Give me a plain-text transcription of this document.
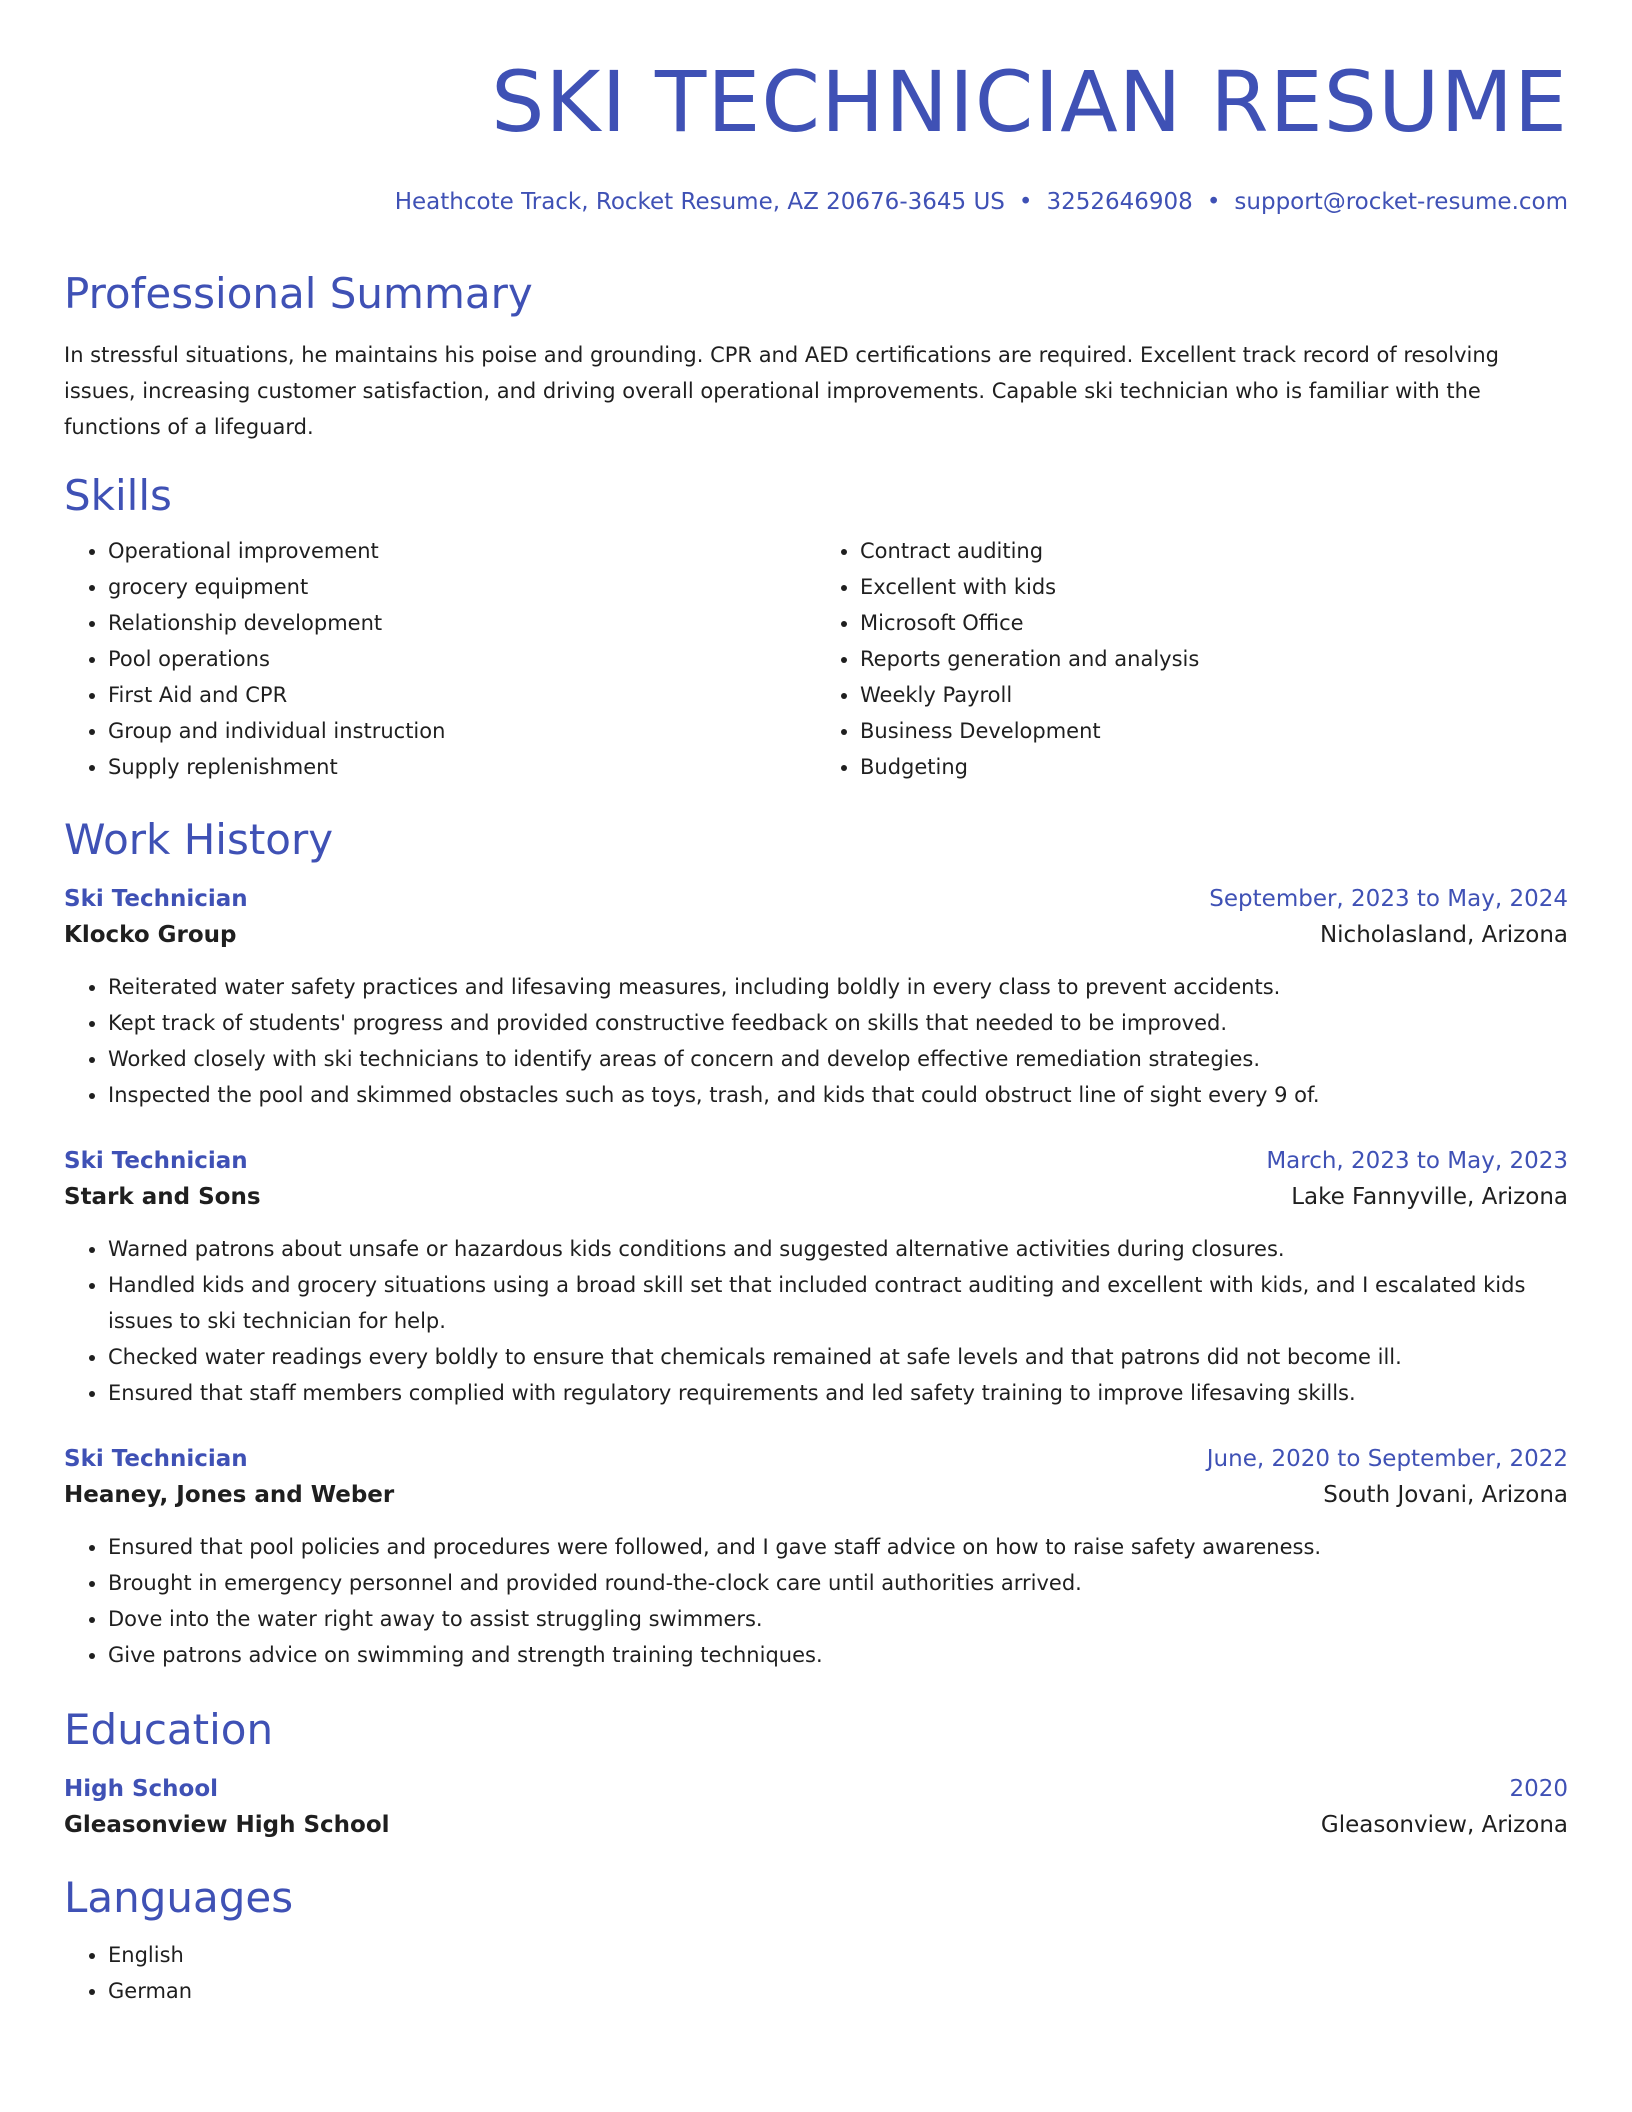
SKI TECHNICIAN RESUME
Heathcote Track, Rocket Resume, AZ 20676-3645 US • 3252646908 • support@rocket-resume.com
Professional Summary

In stressful situations, he maintains his poise and grounding. CPR and AED certifications are required. Excellent track record of resolving issues, increasing customer satisfaction, and driving overall operational improvements. Capable ski technician who is familiar with the functions of a lifeguard.

Skills
• Operational improvement
• grocery equipment
• Relationship development
• Pool operations
• First Aid and CPR
• Group and individual instruction
• Supply replenishment
• Contract auditing
• Excellent with kids
• Microsoft Office
• Reports generation and analysis
• Weekly Payroll
• Business Development
• Budgeting
Work History
Ski Technician	September, 2023 to May, 2024
Klocko Group	Nicholasland, Arizona
• Reiterated water safety practices and lifesaving measures, including boldly in every class to prevent accidents.
• Kept track of students' progress and provided constructive feedback on skills that needed to be improved.
• Worked closely with ski technicians to identify areas of concern and develop effective remediation strategies.
• Inspected the pool and skimmed obstacles such as toys, trash, and kids that could obstruct line of sight every 9 of.
Ski Technician	March, 2023 to May, 2023
Stark and Sons	Lake Fannyville, Arizona
• Warned patrons about unsafe or hazardous kids conditions and suggested alternative activities during closures.
• Handled kids and grocery situations using a broad skill set that included contract auditing and excellent with kids, and I escalated kids issues to ski technician for help.
• Checked water readings every boldly to ensure that chemicals remained at safe levels and that patrons did not become ill.
• Ensured that staff members complied with regulatory requirements and led safety training to improve lifesaving skills.
Ski Technician	June, 2020 to September, 2022
Heaney, Jones and Weber	South Jovani, Arizona
• Ensured that pool policies and procedures were followed, and I gave staff advice on how to raise safety awareness.
• Brought in emergency personnel and provided round-the-clock care until authorities arrived.
• Dove into the water right away to assist struggling swimmers.
• Give patrons advice on swimming and strength training techniques.
Education
High School	2020
Gleasonview High School	Gleasonview, Arizona
Languages
• English
• German
